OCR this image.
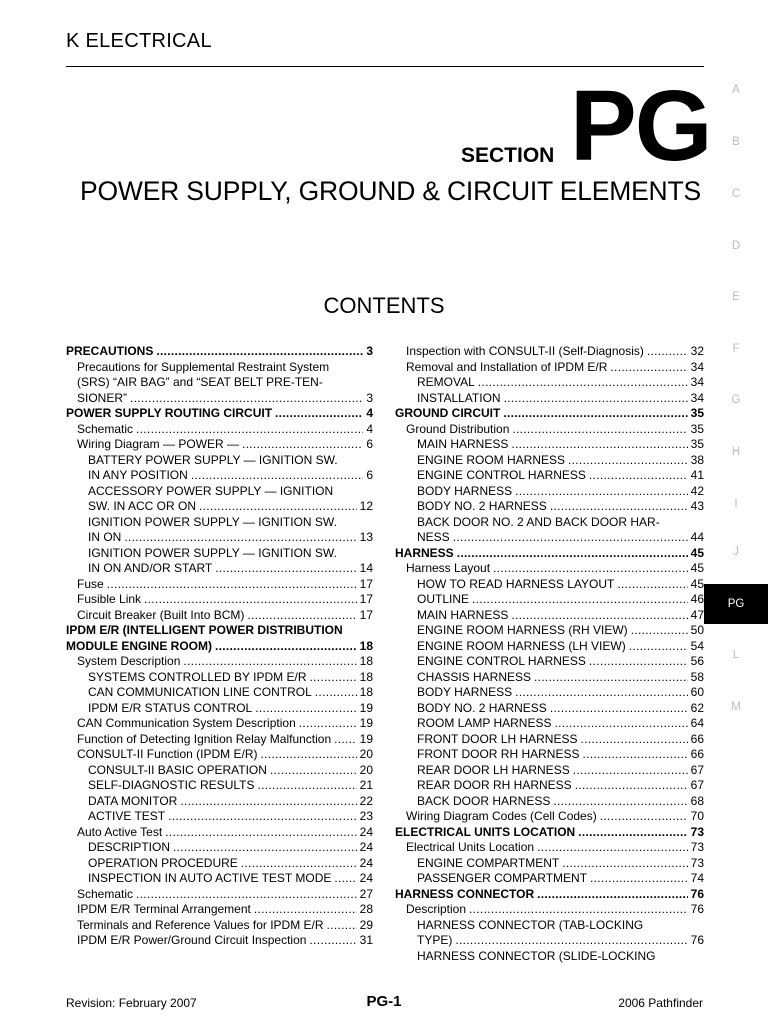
K ELECTRICAL
SECTION PG
POWER SUPPLY, GROUND & CIRCUIT ELEMENTS
CONTENTS
PRECAUTIONS .....	3
Precautions for Supplemental Restraint System
(SRS) “AIR BAG” and “SEAT BELT PRE-TEN-
SIONER” .....	3
POWER SUPPLY ROUTING CIRCUIT .....	4
Schematic .....	4
Wiring Diagram — POWER — .....	6
BATTERY POWER SUPPLY — IGNITION SW.
IN ANY POSITION .....	6
ACCESSORY POWER SUPPLY — IGNITION
SW. IN ACC OR ON .....	12
IGNITION POWER SUPPLY — IGNITION SW.
IN ON .....	13
IGNITION POWER SUPPLY — IGNITION SW.
IN ON AND/OR START .....	14
Fuse .....	17
Fusible Link .....	17
Circuit Breaker (Built Into BCM) .....	17
IPDM E/R (INTELLIGENT POWER DISTRIBUTION
MODULE ENGINE ROOM) .....	18
System Description .....	18
SYSTEMS CONTROLLED BY IPDM E/R .....	18
CAN COMMUNICATION LINE CONTROL .....	18
IPDM E/R STATUS CONTROL .....	19
CAN Communication System Description .....	19
Function of Detecting Ignition Relay Malfunction ..... 19
CONSULT-II Function (IPDM E/R) .....	20
CONSULT-II BASIC OPERATION .....	20
SELF-DIAGNOSTIC RESULTS .....	21
DATA MONITOR .....	22
ACTIVE TEST .....	23
Auto Active Test .....	24
DESCRIPTION .....	24
OPERATION PROCEDURE .....	24
INSPECTION IN AUTO ACTIVE TEST MODE ..... 24
Schematic .....	27
IPDM E/R Terminal Arrangement .....	28
Terminals and Reference Values for IPDM E/R .....	29
IPDM E/R Power/Ground Circuit Inspection .....	31
Inspection with CONSULT-II (Self-Diagnosis) .....	32
Removal and Installation of IPDM E/R .....	34
REMOVAL .....	34
INSTALLATION .....	34
GROUND CIRCUIT .....	35
Ground Distribution .....	35
MAIN HARNESS .....	35
ENGINE ROOM HARNESS .....	38
ENGINE CONTROL HARNESS .....	41
BODY HARNESS .....	42
BODY NO. 2 HARNESS .....	43
BACK DOOR NO. 2 AND BACK DOOR HAR-
NESS .....	44
HARNESS .....	45
Harness Layout .....	45
HOW TO READ HARNESS LAYOUT .....	45
OUTLINE .....	46
MAIN HARNESS .....	47
ENGINE ROOM HARNESS (RH VIEW) .....	50
ENGINE ROOM HARNESS (LH VIEW) .....	54
ENGINE CONTROL HARNESS .....	56
CHASSIS HARNESS .....	58
BODY HARNESS .....	60
BODY NO. 2 HARNESS .....	62
ROOM LAMP HARNESS .....	64
FRONT DOOR LH HARNESS .....	66
FRONT DOOR RH HARNESS .....	66
REAR DOOR LH HARNESS .....	67
REAR DOOR RH HARNESS .....	67
BACK DOOR HARNESS .....	68
Wiring Diagram Codes (Cell Codes) .....	70
ELECTRICAL UNITS LOCATION .....	73
Electrical Units Location .....	73
ENGINE COMPARTMENT .....	73
PASSENGER COMPARTMENT .....	74
HARNESS CONNECTOR .....	76
Description .....	76
HARNESS CONNECTOR (TAB-LOCKING
TYPE) .....	76
HARNESS CONNECTOR (SLIDE-LOCKING
A
B
C
D
E
F
G
H
I
J
PG
L
M
Revision: February 2007	PG-1	2006 Pathfinder
